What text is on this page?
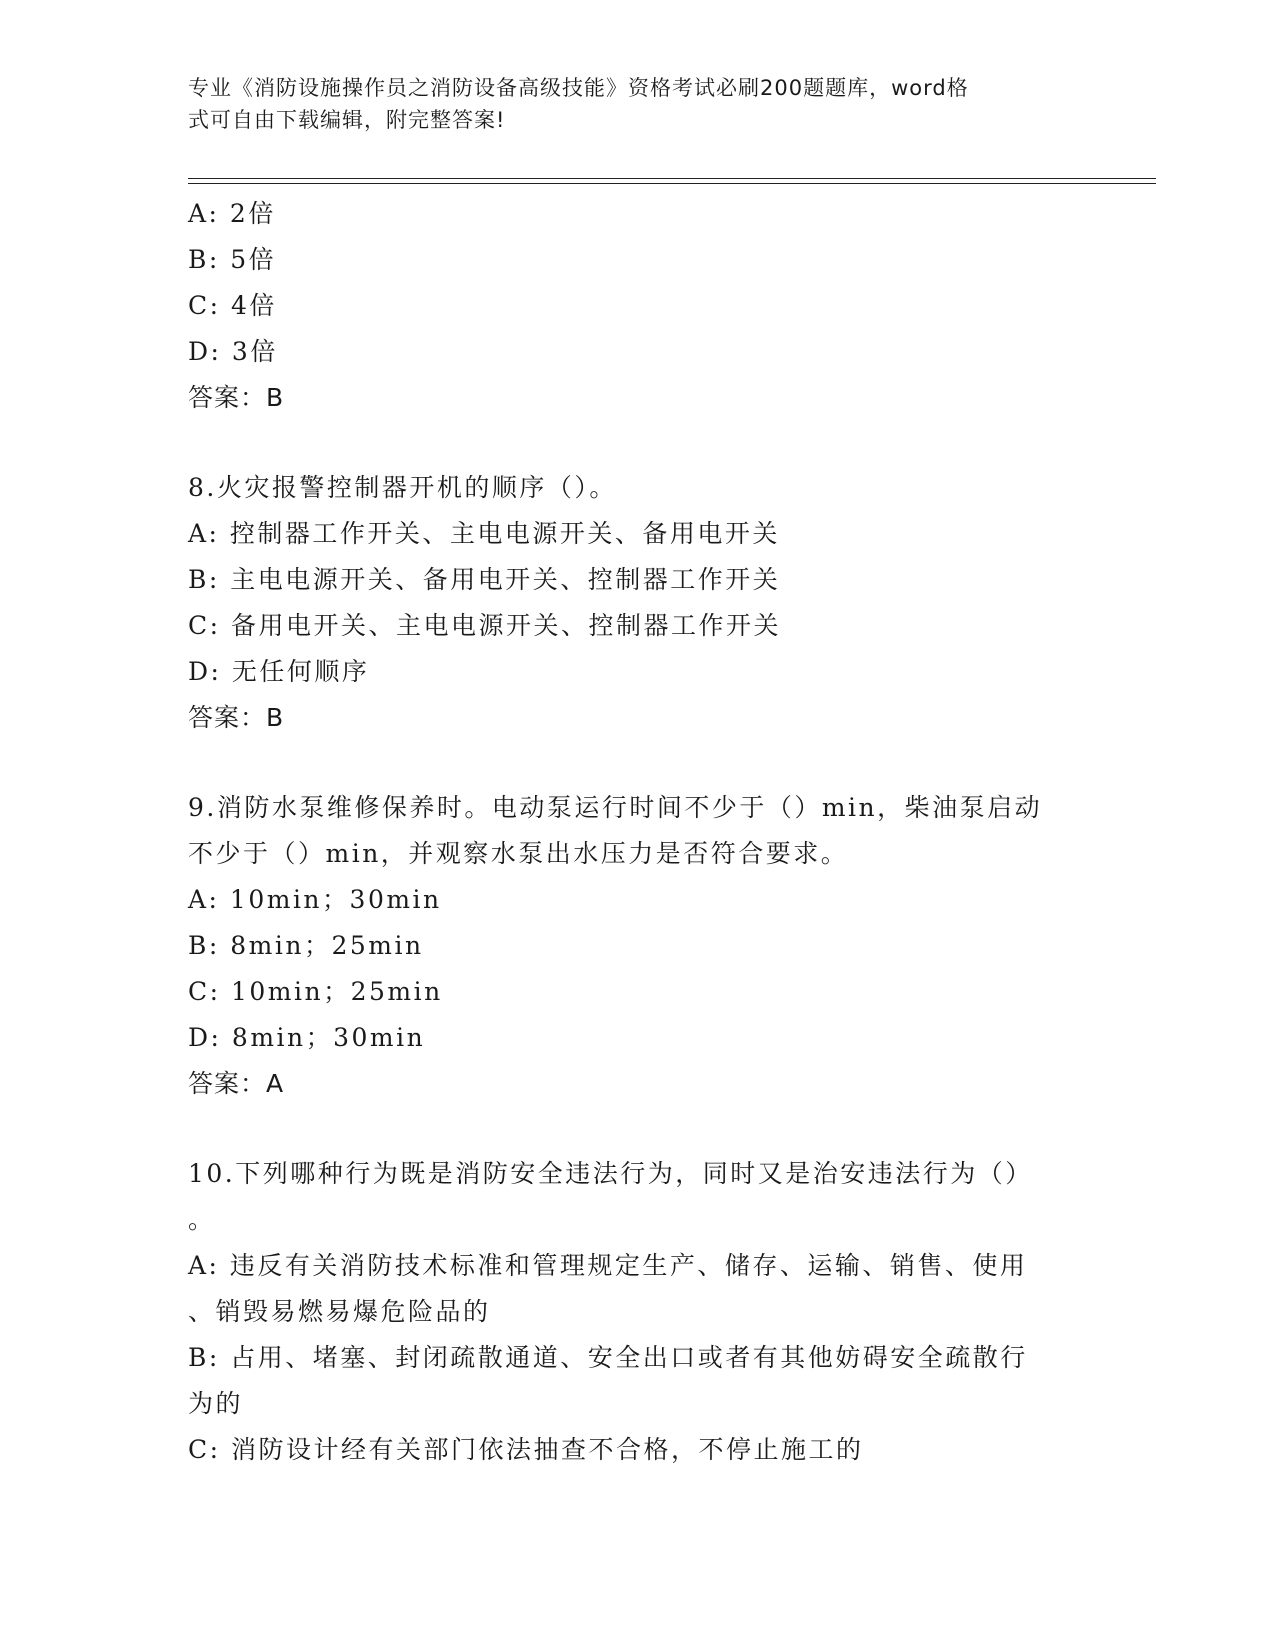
专业《消防设施操作员之消防设备高级技能》资格考试必刷200题题库，word格
式可自由下载编辑，附完整答案!
A: 2倍
B: 5倍
C: 4倍
D: 3倍
答案：B
8.火灾报警控制器开机的顺序（）。
A: 控制器工作开关、主电电源开关、备用电开关
B: 主电电源开关、备用电开关、控制器工作开关
C: 备用电开关、主电电源开关、控制器工作开关
D: 无任何顺序
答案：B
9.消防水泵维修保养时。电动泵运行时间不少于（）min，柴油泵启动
不少于（）min，并观察水泵出水压力是否符合要求。
A: 10min；30min
B: 8min；25min
C: 10min；25min
D: 8min；30min
答案：A
10.下列哪种行为既是消防安全违法行为，同时又是治安违法行为（）
。
A: 违反有关消防技术标准和管理规定生产、储存、运输、销售、使用
、销毁易燃易爆危险品的
B: 占用、堵塞、封闭疏散通道、安全出口或者有其他妨碍安全疏散行
为的
C: 消防设计经有关部门依法抽查不合格，不停止施工的
